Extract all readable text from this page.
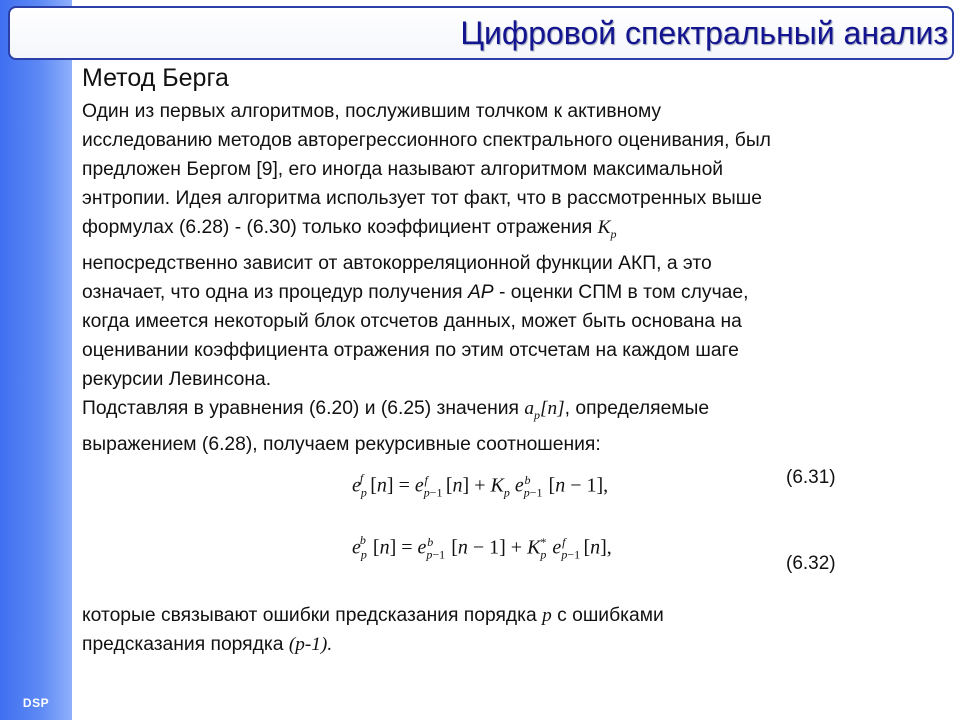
DSP
Цифровой спектральный анализ
Метод Берга

Один из первых алгоритмов, послужившим толчком к активному
исследованию методов авторегрессионного спектрального оценивания, был
предложен Бергом [9], его иногда называют алгоритмом максимальной
энтропии. Идея алгоритма использует тот факт, что в рассмотренных выше
формулах (6.28) - (6.30) только коэффициент отражения $K_p$
непосредственно зависит от автокорреляционной функции АКП, а это
означает, что одна из процедур получения АР - оценки СПМ в том случае,
когда имеется некоторый блок отсчетов данных, может быть основана на
оценивании коэффициента отражения по этим отсчетам на каждом шаге
рекурсии Левинсона.

Подставляя в уравнения (6.20) и (6.25) значения $a_p[n]$, определяемые
выражением (6.28), получаем рекурсивные соотношения:

$e_p^f$ $[n] = e_{p-1}^f$ $[n] + K_p$ $e_{p-1}^b$ [n − 1],	(6.31)
$e_p^b$ $[n] = e_{p-1}^b$ $[n - 1] + K_p^*$ $e_{p-1}^f$ [n],
(6.32)

которые связывают ошибки предсказания порядка p с ошибками
предсказания порядка (p-1).
